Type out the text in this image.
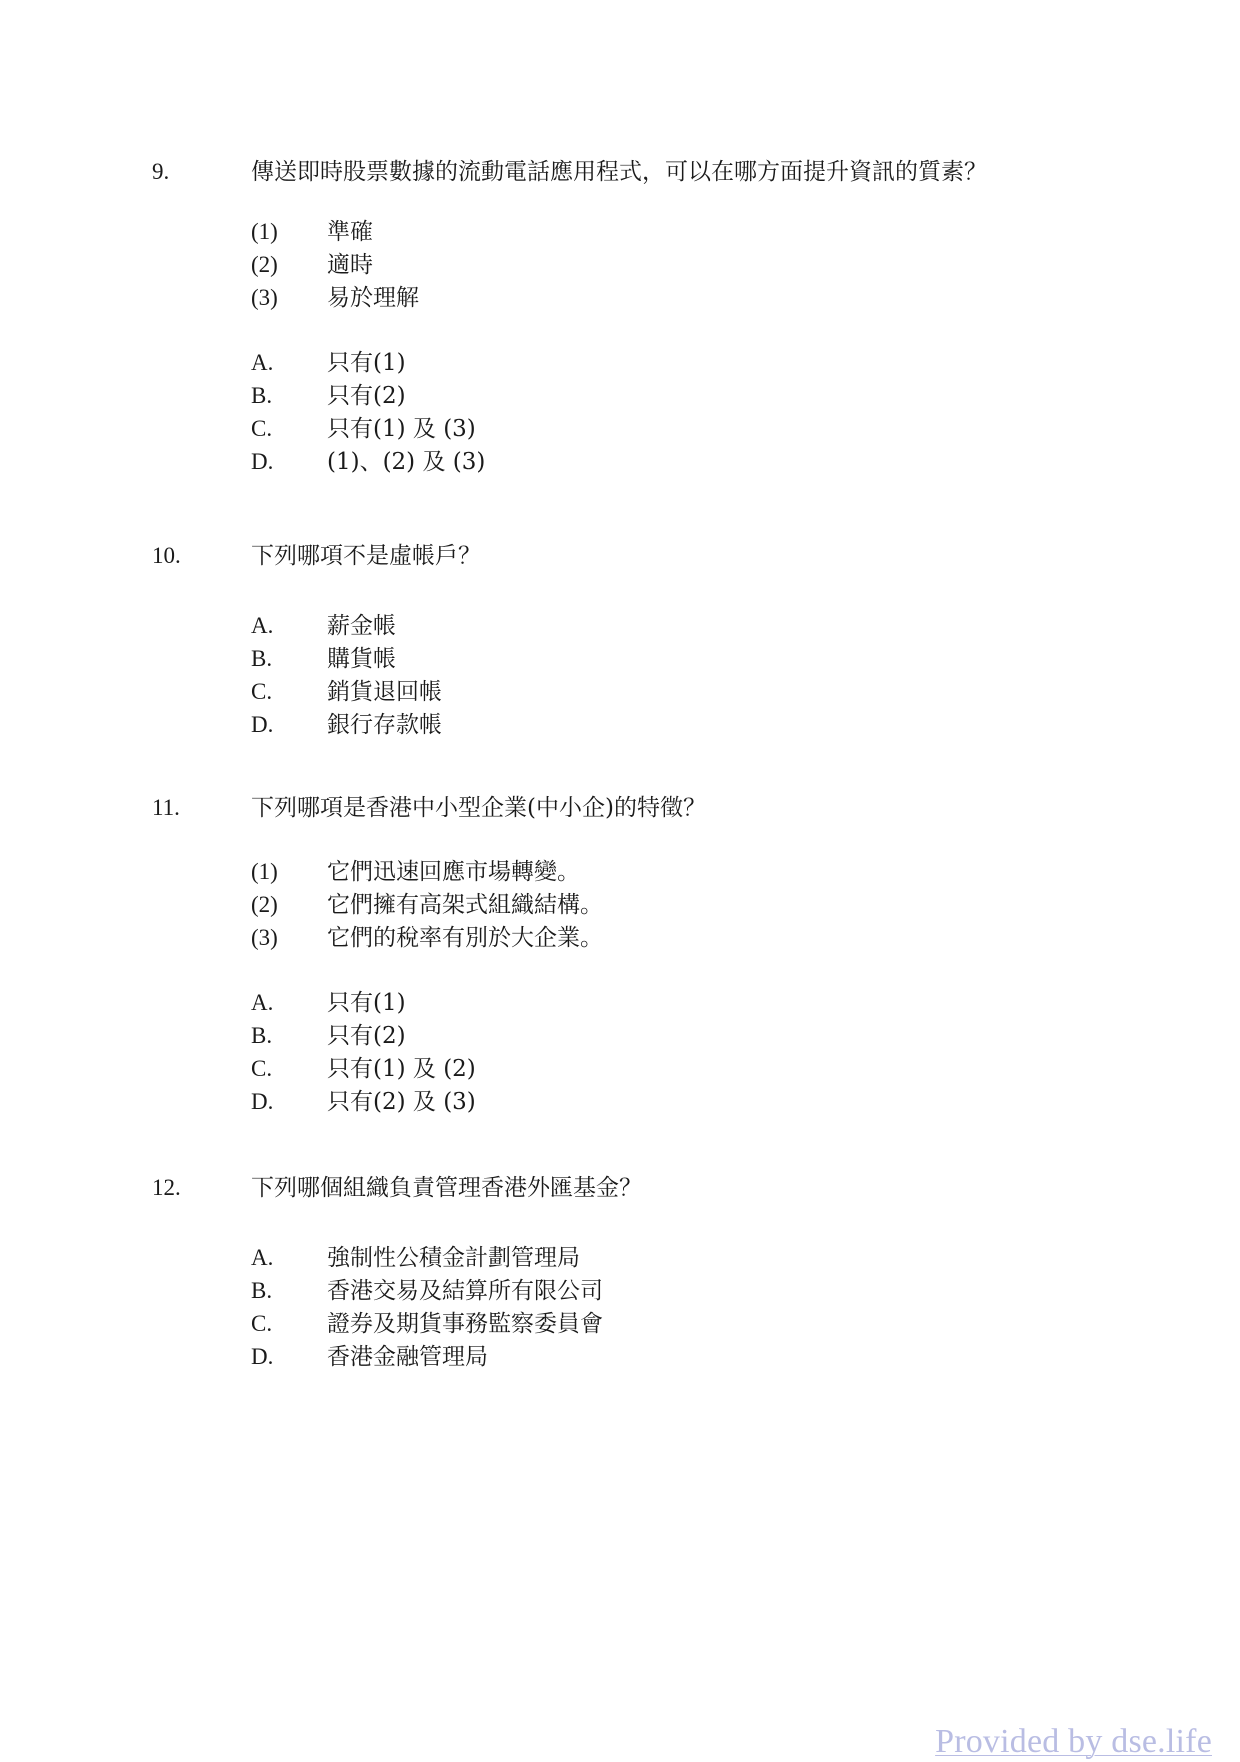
9.	傳送即時股票數據的流動電話應用程式，可以在哪方面提升資訊的質素？
(1) 準確
(2) 適時
(3) 易於理解
A. 只有(1)
B. 只有(2)
C. 只有(1) 及 (3)
D. (1)、(2) 及 (3)
10.	下列哪項不是虛帳戶？
A. 薪金帳
B. 購貨帳
C. 銷貨退回帳
D. 銀行存款帳
11.	下列哪項是香港中小型企業(中小企)的特徵？
(1) 它們迅速回應市場轉變。
(2) 它們擁有高架式組織結構。
(3) 它們的稅率有別於大企業。
A. 只有(1)
B. 只有(2)
C. 只有(1) 及 (2)
D. 只有(2) 及 (3)
12.	下列哪個組織負責管理香港外匯基金？
A. 強制性公積金計劃管理局
B. 香港交易及結算所有限公司
C. 證券及期貨事務監察委員會
D. 香港金融管理局
Provided by dse.life
